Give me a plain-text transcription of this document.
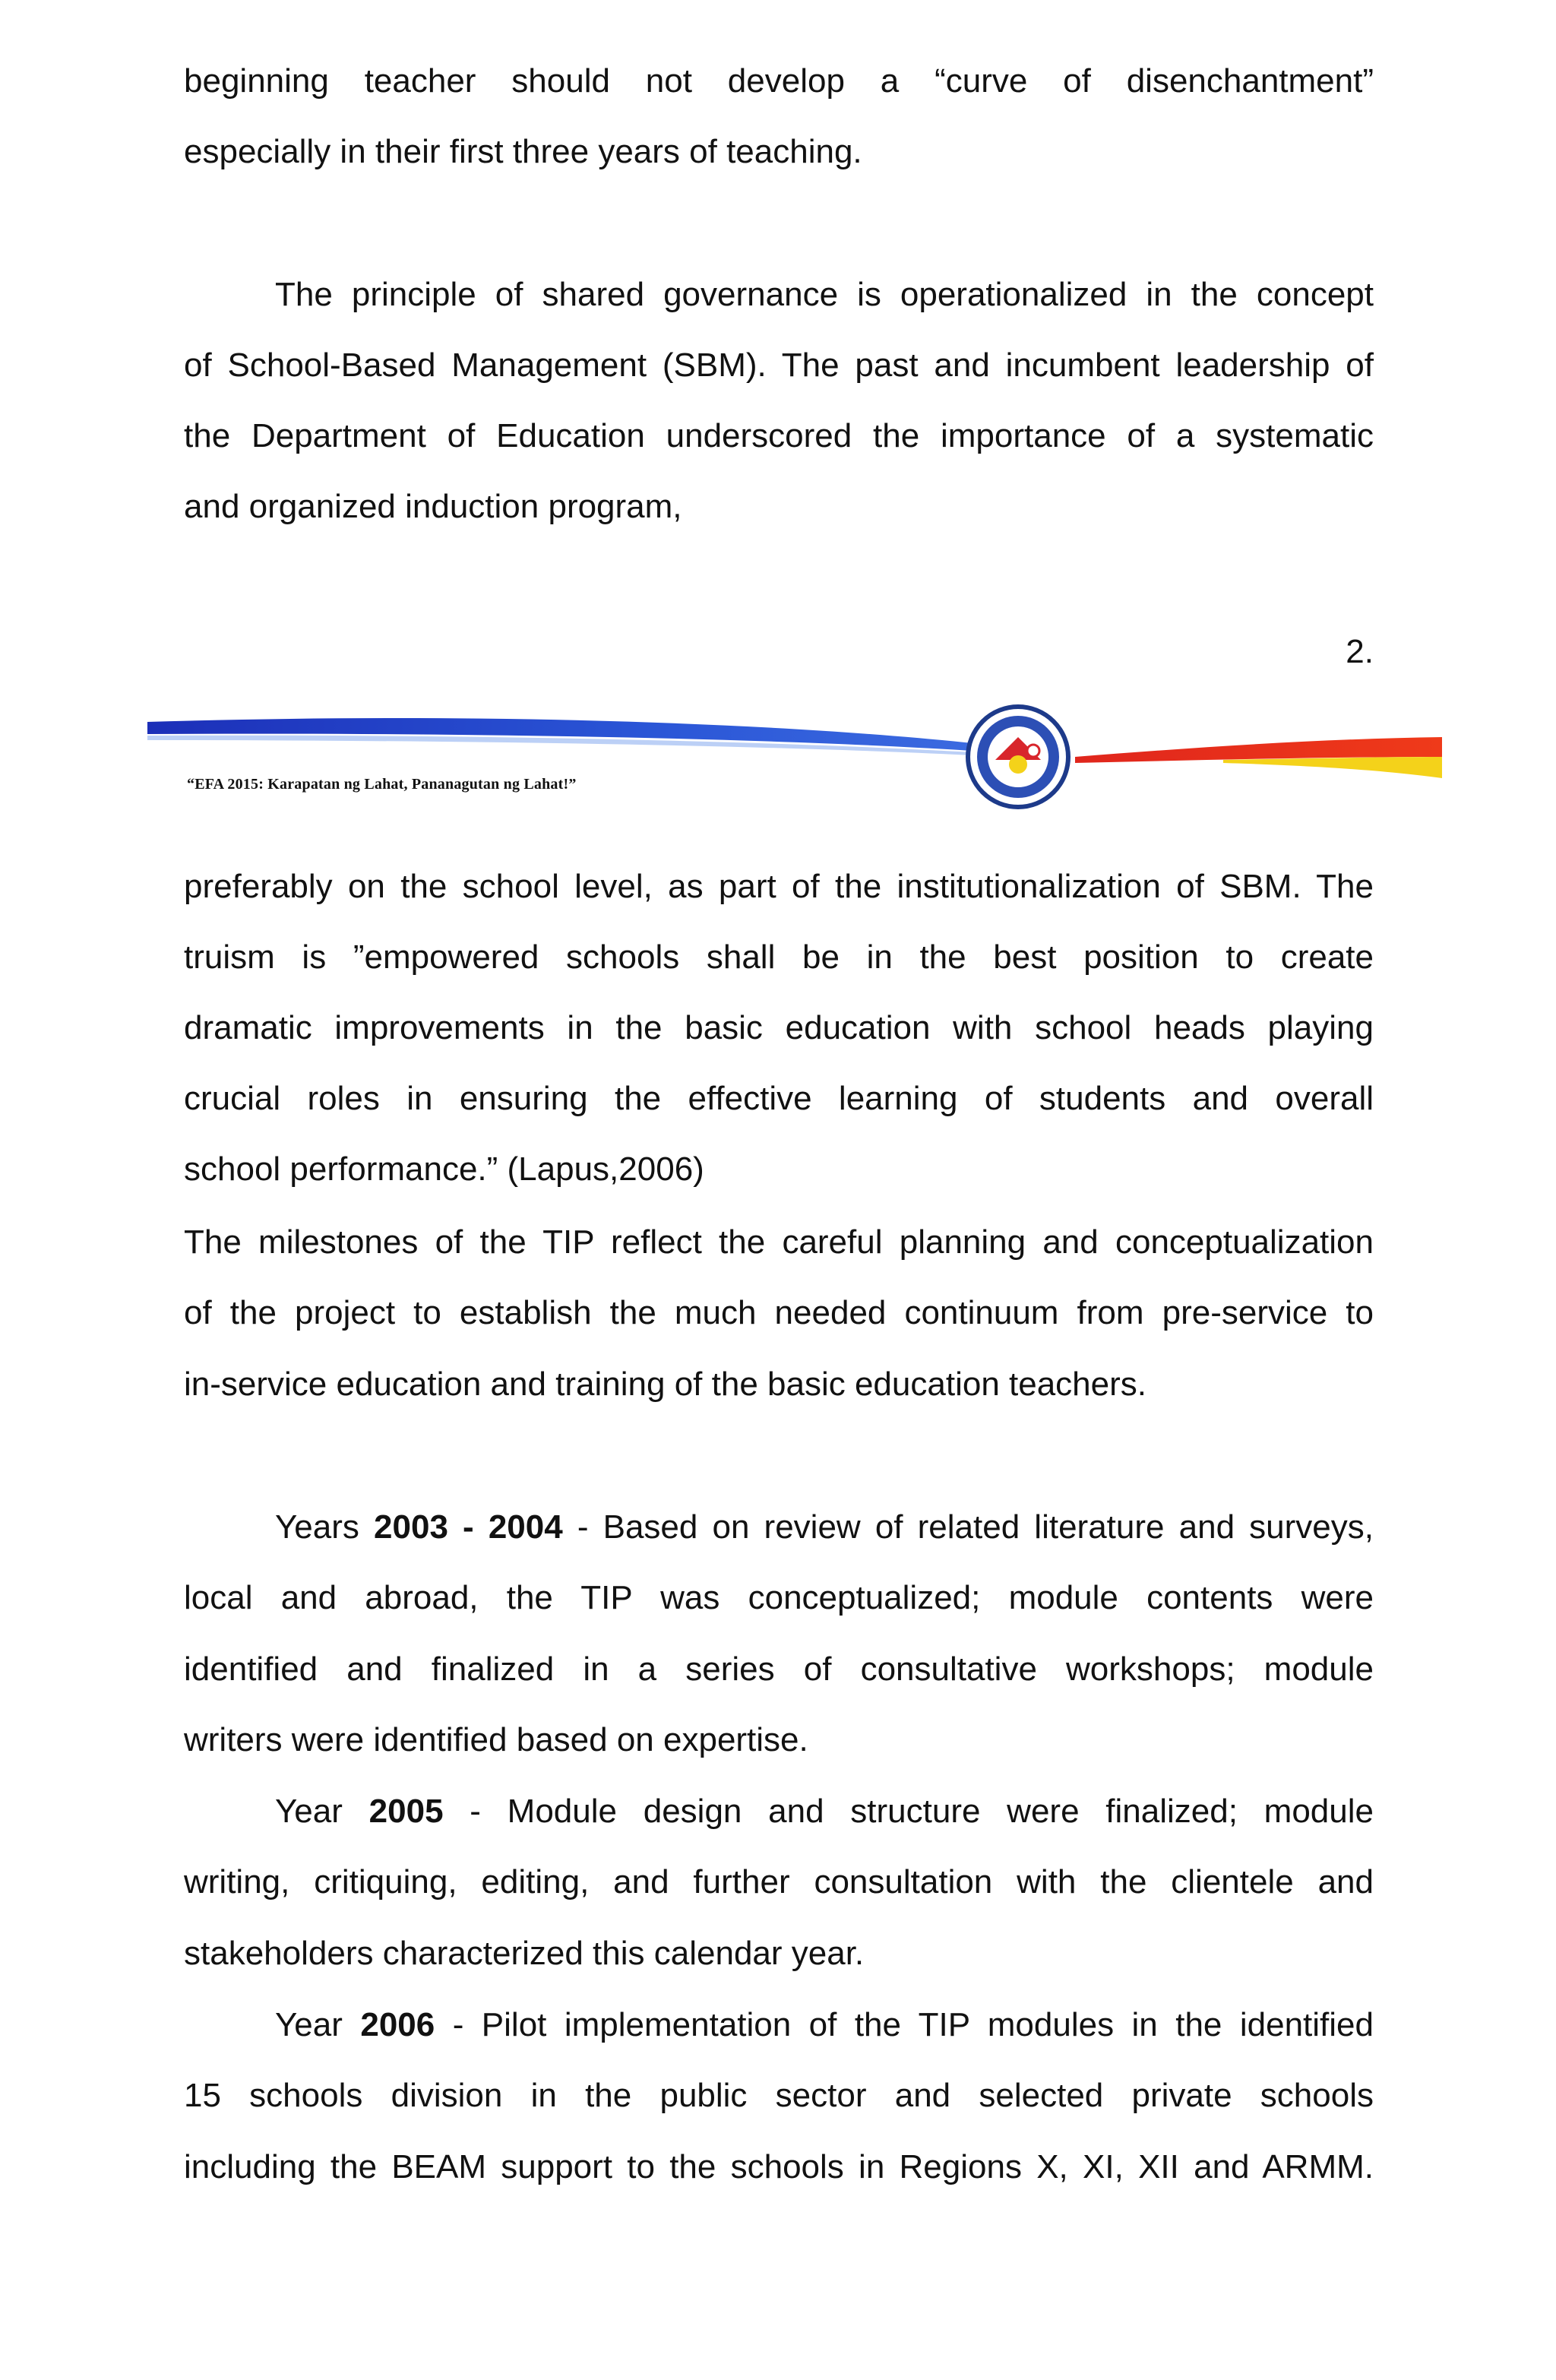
beginning teacher should not develop a “curve of disenchantment”
especially in their first three years of teaching.
The principle of shared governance is operationalized in the concept
of School-Based Management (SBM). The past and incumbent leadership of
the Department of Education underscored the importance of a systematic
and organized induction program,
2.
“EFA 2015: Karapatan ng Lahat, Pananagutan ng Lahat!”
preferably on the school level, as part of the institutionalization of SBM. The
truism is ”empowered schools shall be in the best position to create
dramatic improvements in the basic education with school heads playing
crucial roles in ensuring the effective learning of students and overall
school performance.” (Lapus,2006)
The milestones of the TIP reflect the careful planning and conceptualization
of the project to establish the much needed continuum from pre-service to
in-service education and training of the basic education teachers.
Years 2003 - 2004 - Based on review of related literature and surveys,
local and abroad, the TIP was conceptualized; module contents were
identified and finalized in a series of consultative workshops; module
writers were identified based on expertise.
Year 2005 - Module design and structure were finalized; module
writing, critiquing, editing, and further consultation with the clientele and
stakeholders characterized this calendar year.
Year 2006 - Pilot implementation of the TIP modules in the identified
15 schools division in the public sector and selected private schools
including the BEAM support to the schools in Regions X, XI, XII and ARMM.
